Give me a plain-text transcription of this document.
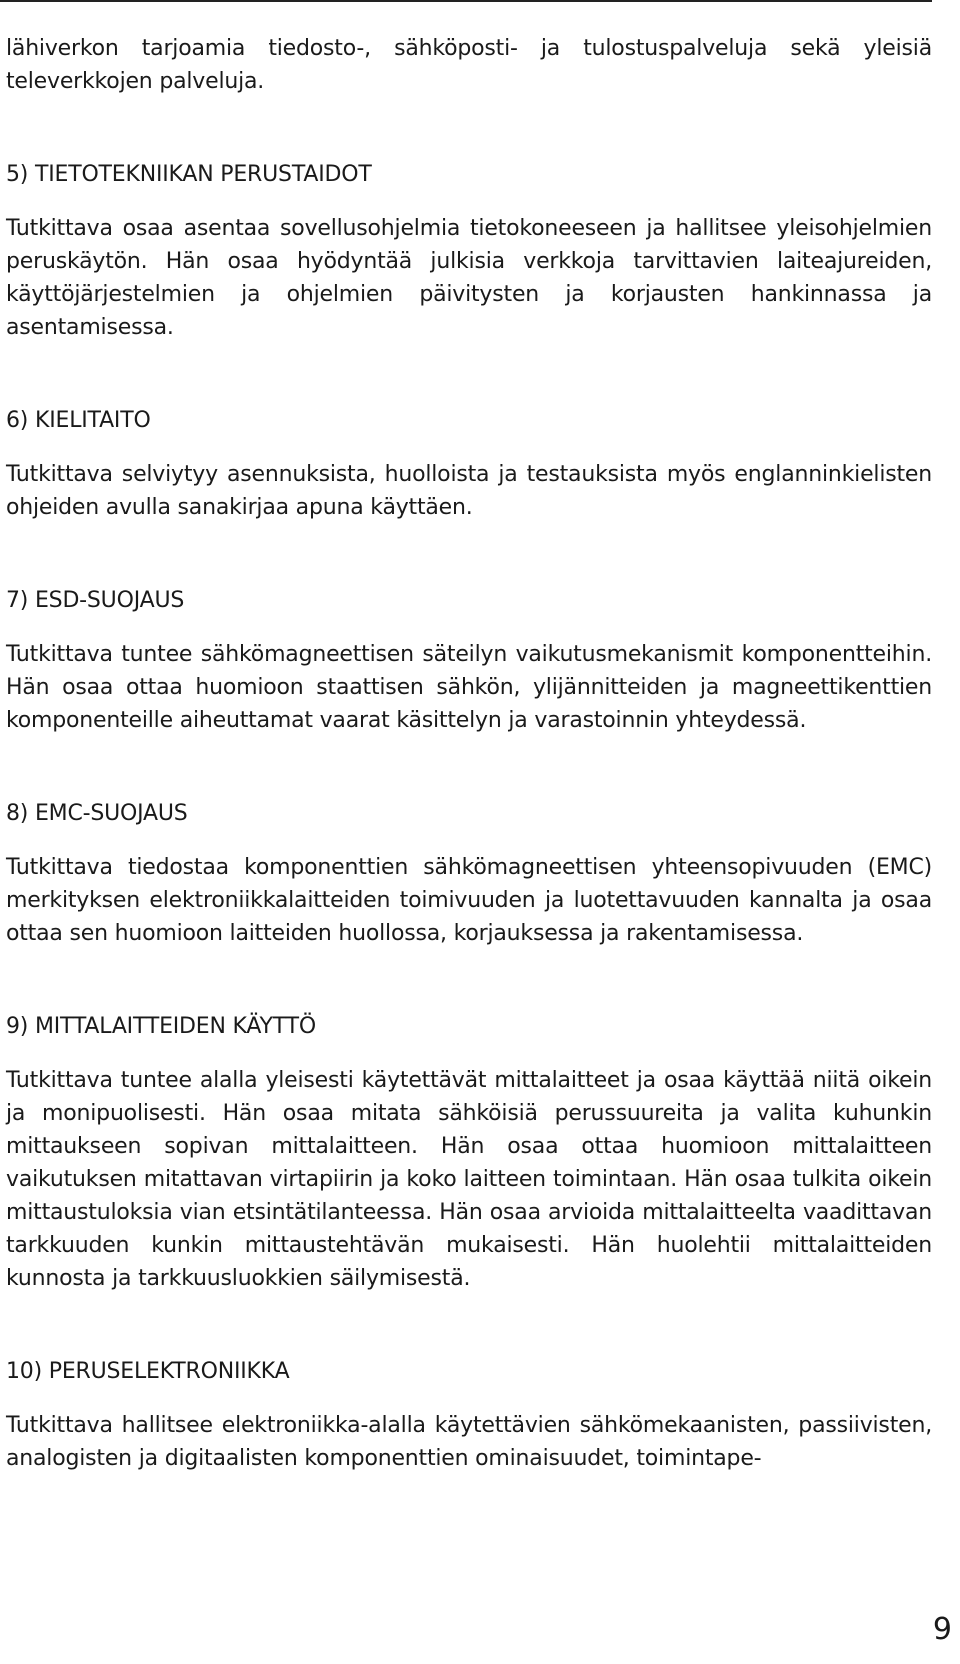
lähiverkon tarjoamia tiedosto-, sähköposti- ja tulostuspalveluja sekä yleisiä televerkkojen palveluja.

5) TIETOTEKNIIKAN PERUSTAIDOT

Tutkittava osaa asentaa sovellusohjelmia tietokoneeseen ja hallitsee yleisohjelmien peruskäytön. Hän osaa hyödyntää julkisia verkkoja tarvittavien laiteajureiden, käyttöjärjestelmien ja ohjelmien päivitysten ja korjausten hankinnassa ja asentamisessa.

6) KIELITAITO

Tutkittava selviytyy asennuksista, huolloista ja testauksista myös englanninkielisten ohjeiden avulla sanakirjaa apuna käyttäen.

7) ESD-SUOJAUS

Tutkittava tuntee sähkömagneettisen säteilyn vaikutusmekanismit komponentteihin. Hän osaa ottaa huomioon staattisen sähkön, ylijännitteiden ja magneettikenttien komponenteille aiheuttamat vaarat käsittelyn ja varastoinnin yhteydessä.

8) EMC-SUOJAUS

Tutkittava tiedostaa komponenttien sähkömagneettisen yhteensopivuuden (EMC) merkityksen elektroniikkalaitteiden toimivuuden ja luotettavuuden kannalta ja osaa ottaa sen huomioon laitteiden huollossa, korjauksessa ja rakentamisessa.

9) MITTALAITTEIDEN KÄYTTÖ

Tutkittava tuntee alalla yleisesti käytettävät mittalaitteet ja osaa käyttää niitä oikein ja monipuolisesti. Hän osaa mitata sähköisiä perussuureita ja valita kuhunkin mittaukseen sopivan mittalaitteen. Hän osaa ottaa huomioon mittalaitteen vaikutuksen mitattavan virtapiirin ja koko laitteen toimintaan. Hän osaa tulkita oikein mittaustuloksia vian etsintätilanteessa. Hän osaa arvioida mittalaitteelta vaadittavan tarkkuuden kunkin mittaustehtävän mukaisesti. Hän huolehtii mittalaitteiden kunnosta ja tarkkuusluokkien säilymisestä.

10) PERUSELEKTRONIIKKA

Tutkittava hallitsee elektroniikka-alalla käytettävien sähkömekaanisten, passiivisten, analogisten ja digitaalisten komponenttien ominaisuudet, toimintape-

9
